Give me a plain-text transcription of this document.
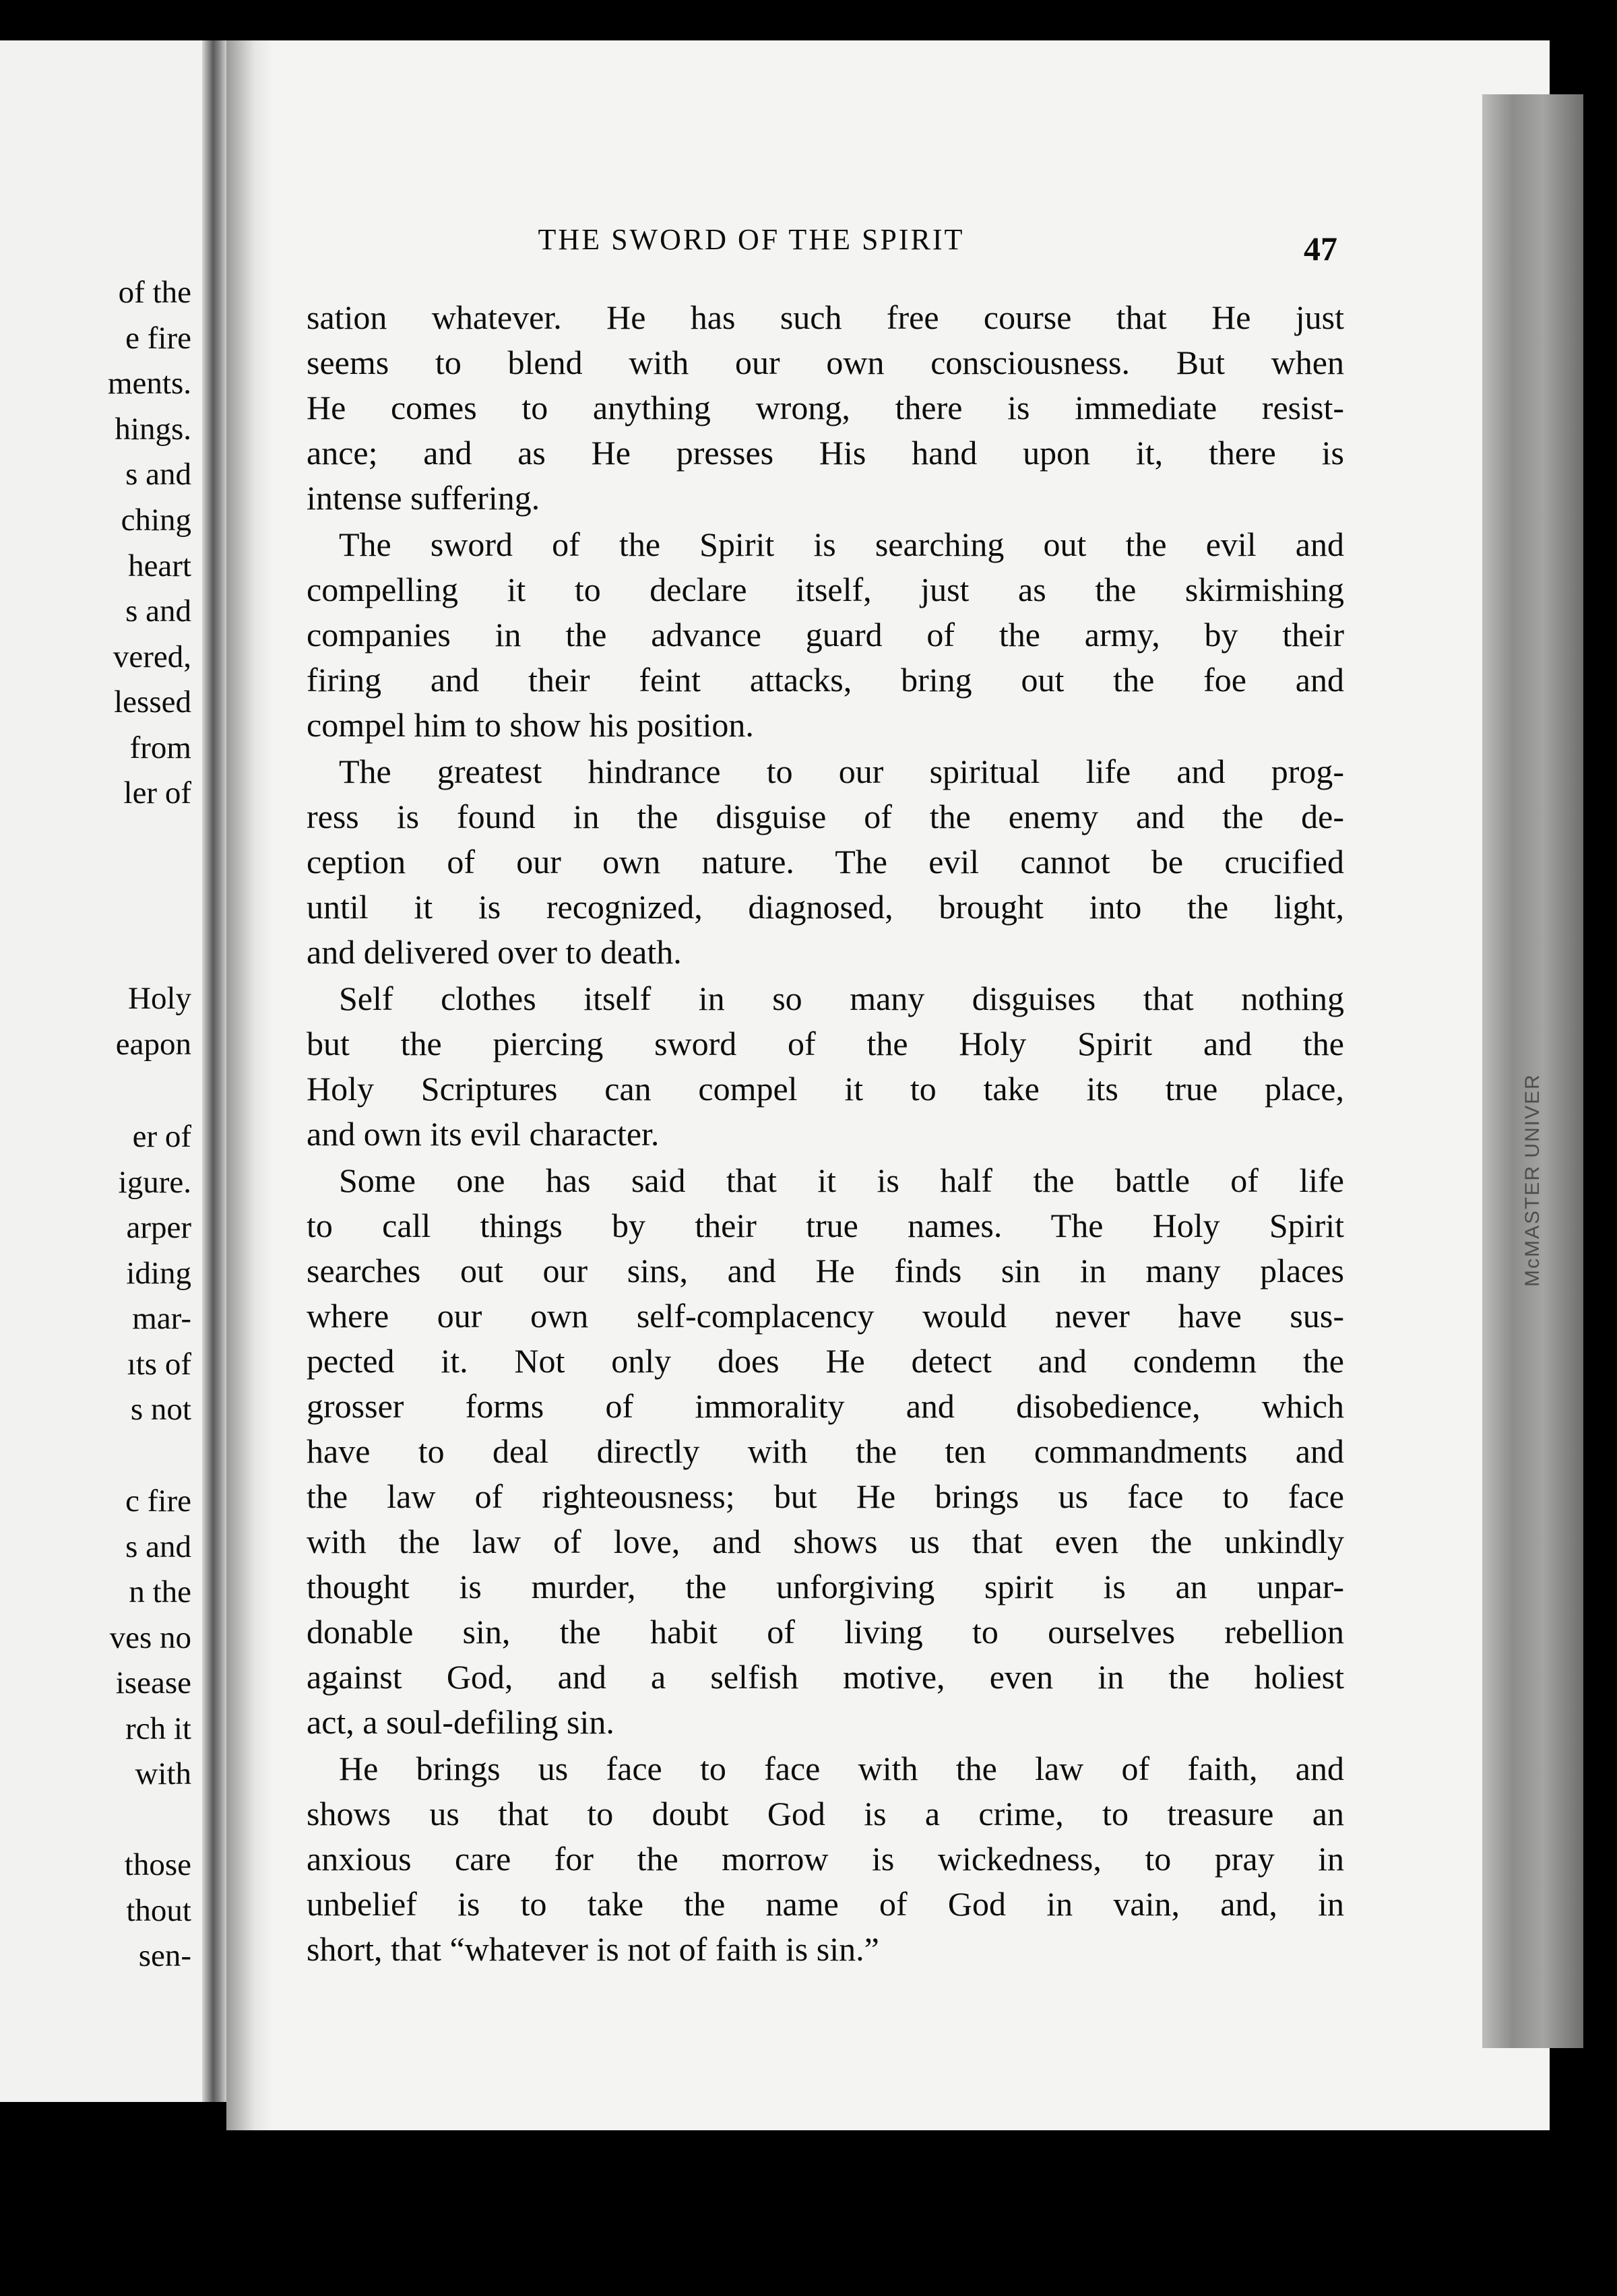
of the
e fire
ments.
hings.
s and
ching
heart
s and
vered,
lessed
from
ler of
Holy
eapon
er of
igure.
arper
iding
mar-
ıts of
s not
c fire
s and
n the
ves no
isease
rch it
with
those
thout
sen-
McMASTER UNIVER
THE SWORD OF THE SPIRIT	47
sation whatever. He has such free course that He just
seems to blend with our own consciousness. But when
He comes to anything wrong, there is immediate resist-
ance; and as He presses His hand upon it, there is
intense suffering.
The sword of the Spirit is searching out the evil and
compelling it to declare itself, just as the skirmishing
companies in the advance guard of the army, by their
firing and their feint attacks, bring out the foe and
compel him to show his position.
The greatest hindrance to our spiritual life and prog-
ress is found in the disguise of the enemy and the de-
ception of our own nature. The evil cannot be crucified
until it is recognized, diagnosed, brought into the light,
and delivered over to death.
Self clothes itself in so many disguises that nothing
but the piercing sword of the Holy Spirit and the
Holy Scriptures can compel it to take its true place,
and own its evil character.
Some one has said that it is half the battle of life
to call things by their true names. The Holy Spirit
searches out our sins, and He finds sin in many places
where our own self-complacency would never have sus-
pected it. Not only does He detect and condemn the
grosser forms of immorality and disobedience, which
have to deal directly with the ten commandments and
the law of righteousness; but He brings us face to face
with the law of love, and shows us that even the unkindly
thought is murder, the unforgiving spirit is an unpar-
donable sin, the habit of living to ourselves rebellion
against God, and a selfish motive, even in the holiest
act, a soul-defiling sin.
He brings us face to face with the law of faith, and
shows us that to doubt God is a crime, to treasure an
anxious care for the morrow is wickedness, to pray in
unbelief is to take the name of God in vain, and, in
short, that “whatever is not of faith is sin.”
